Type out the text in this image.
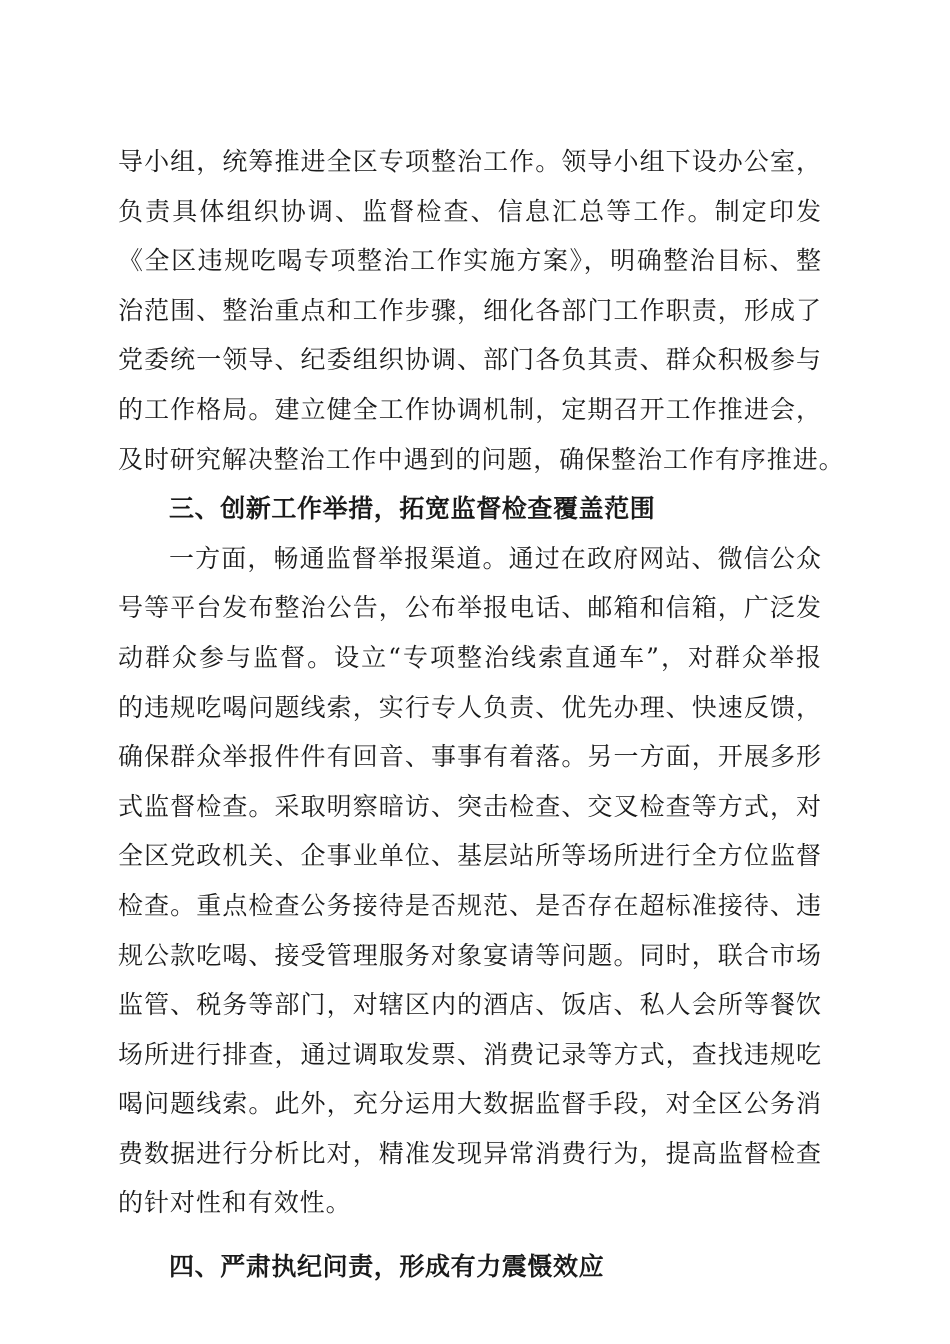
导小组，统筹推进全区专项整治工作。领导小组下设办公室，
负责具体组织协调、监督检查、信息汇总等工作。制定印发
《全区违规吃喝专项整治工作实施方案》，明确整治目标、整
治范围、整治重点和工作步骤，细化各部门工作职责，形成了
党委统一领导、纪委组织协调、部门各负其责、群众积极参与
的工作格局。建立健全工作协调机制，定期召开工作推进会，
及时研究解决整治工作中遇到的问题，确保整治工作有序推进。
三、创新工作举措，拓宽监督检查覆盖范围
一方面，畅通监督举报渠道。通过在政府网站、微信公众
号等平台发布整治公告，公布举报电话、邮箱和信箱，广泛发
动群众参与监督。设立“专项整治线索直通车”，对群众举报
的违规吃喝问题线索，实行专人负责、优先办理、快速反馈，
确保群众举报件件有回音、事事有着落。另一方面，开展多形
式监督检查。采取明察暗访、突击检查、交叉检查等方式，对
全区党政机关、企事业单位、基层站所等场所进行全方位监督
检查。重点检查公务接待是否规范、是否存在超标准接待、违
规公款吃喝、接受管理服务对象宴请等问题。同时，联合市场
监管、税务等部门，对辖区内的酒店、饭店、私人会所等餐饮
场所进行排查，通过调取发票、消费记录等方式，查找违规吃
喝问题线索。此外，充分运用大数据监督手段，对全区公务消
费数据进行分析比对，精准发现异常消费行为，提高监督检查
的针对性和有效性。
四、严肃执纪问责，形成有力震慑效应
